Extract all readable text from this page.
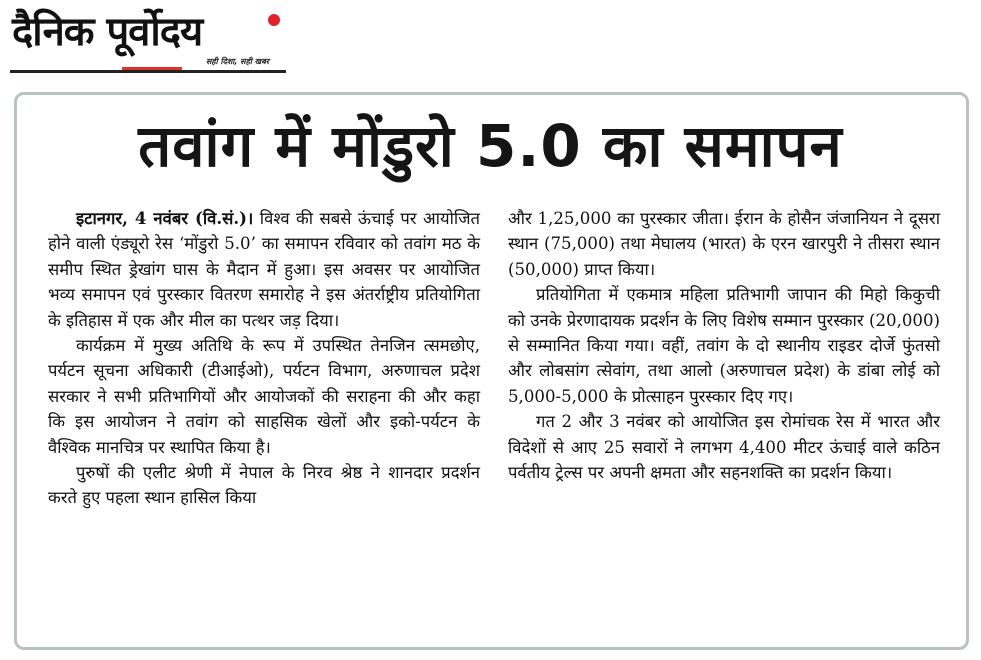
दैनिक पूर्वोदय
सही दिशा, सही खबर
तवांग में मोंडुरो 5.0 का समापन

इटानगर, 4 नवंबर (वि.सं.)। विश्व की सबसे ऊंचाई पर आयोजित होने वाली एंड्यूरो रेस ‘मोंडुरो 5.0’ का समापन रविवार को तवांग मठ के समीप स्थित ड्रेखांग घास के मैदान में हुआ। इस अवसर पर आयोजित भव्य समापन एवं पुरस्कार वितरण समारोह ने इस अंतर्राष्ट्रीय प्रतियोगिता के इतिहास में एक और मील का पत्थर जड़ दिया।

कार्यक्रम में मुख्य अतिथि के रूप में उपस्थित तेनजिन त्समछोए, पर्यटन सूचना अधिकारी (टीआईओ), पर्यटन विभाग, अरुणाचल प्रदेश सरकार ने सभी प्रतिभागियों और आयोजकों की सराहना की और कहा कि इस आयोजन ने तवांग को साहसिक खेलों और इको-पर्यटन के वैश्विक मानचित्र पर स्थापित किया है।

पुरुषों की एलीट श्रेणी में नेपाल के निरव श्रेष्ठ ने शानदार प्रदर्शन करते हुए पहला स्थान हासिल किया

और 1,25,000 का पुरस्कार जीता। ईरान के होसैन जंजानियन ने दूसरा स्थान (75,000) तथा मेघालय (भारत) के एरन खारपुरी ने तीसरा स्थान (50,000) प्राप्त किया।

प्रतियोगिता में एकमात्र महिला प्रतिभागी जापान की मिहो किकुची को उनके प्रेरणादायक प्रदर्शन के लिए विशेष सम्मान पुरस्कार (20,000) से सम्मानित किया गया। वहीं, तवांग के दो स्थानीय राइडर दोर्जे फुंतसो और लोबसांग त्सेवांग, तथा आलो (अरुणाचल प्रदेश) के डांबा लोई को 5,000-5,000 के प्रोत्साहन पुरस्कार दिए गए।

गत 2 और 3 नवंबर को आयोजित इस रोमांचक रेस में भारत और विदेशों से आए 25 सवारों ने लगभग 4,400 मीटर ऊंचाई वाले कठिन पर्वतीय ट्रेल्स पर अपनी क्षमता और सहनशक्ति का प्रदर्शन किया।
